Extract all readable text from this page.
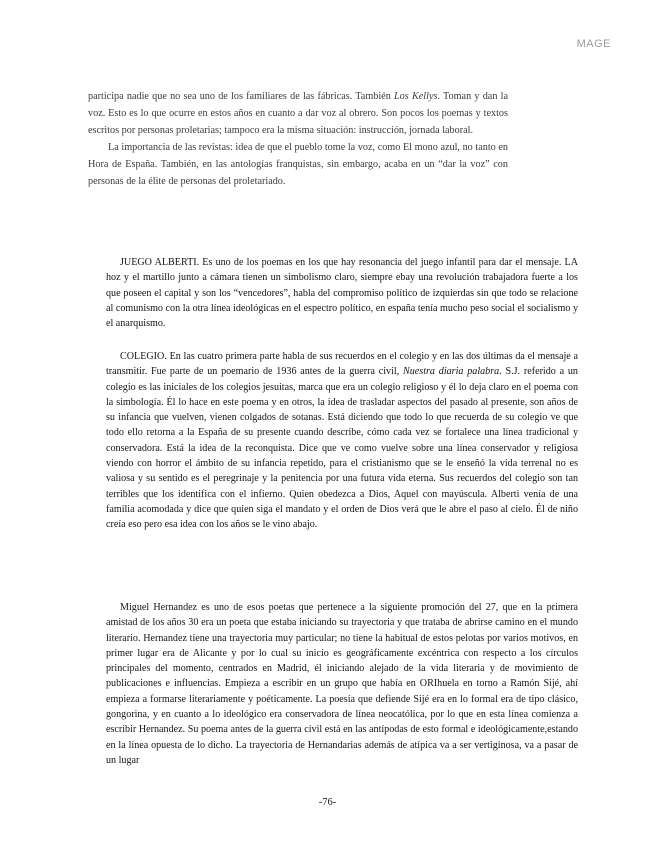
MAGE

participa nadie que no sea uno de los familiares de las fábricas. También Los Kellys. Toman y dan la voz. Esto es lo que ocurre en estos años en cuanto a dar voz al obrero. Son pocos los poemas y textos escritos por personas proletarias; tampoco era la misma situación: instrucción, jornada laboral.

La importancia de las revistas: idea de que el pueblo tome la voz, como El mono azul, no tanto en Hora de España. También, en las antologías franquistas, sin embargo, acaba en un “dar la voz” con personas de la élite de personas del proletariado.

JUEGO ALBERTI. Es uno de los poemas en los que hay resonancia del juego infantil para dar el mensaje. LA hoz y el martillo junto a cámara tienen un simbolismo claro, siempre ebay una revolución trabajadora fuerte a los que poseen el capital y son los “vencedores”, habla del compromiso político de izquierdas sin que todo se relacione al comunismo con la otra línea ideológicas en el espectro político, en españa tenía mucho peso social el socialismo y el anarquismo.

COLEGIO. En las cuatro primera parte habla de sus recuerdos en el colegio y en las dos últimas da el mensaje a transmitir. Fue parte de un poemario de 1936 antes de la guerra civil, Nuestra diaria palabra. S.J. referido a un colegio es las iniciales de los colegios jesuitas, marca que era un colegio religioso y él lo deja claro en el poema con la simbología. Él lo hace en este poema y en otros, la idea de trasladar aspectos del pasado al presente, son años de su infancia que vuelven, vienen colgados de sotanas. Está diciendo que todo lo que recuerda de su colegio ve que todo ello retorna a la España de su presente cuando describe, cómo cada vez se fortalece una línea tradicional y conservadora. Está la idea de la reconquista. Dice que ve como vuelve sobre una línea conservador y religiosa viendo con horror el ámbito de su infancia repetido, para el cristianismo que se le enseñó la vida terrenal no es valiosa y su sentido es el peregrinaje y la penitencia por una futura vida eterna. Sus recuerdos del colegio son tan terribles que los identifica con el infierno. Quien obedezca a Dios, Aquel con mayúscula. Alberti venía de una familia acomodada y dice que quien siga el mandato y el orden de Dios verá que le abre el paso al cielo. Él de niño creía eso pero esa idea con los años se le vino abajo.

Miguel Hernandez es uno de esos poetas que pertenece a la siguiente promoción del 27, que en la primera amistad de los años 30 era un poeta que estaba iniciando su trayectoria y que trataba de abrirse camino en el mundo literario. Hernandez tiene una trayectoria muy particular; no tiene la habitual de estos pelotas por varios motivos, en primer lugar era de Alicante y por lo cual su inicio es geográficamente excéntrica con respecto a los círculos principales del momento, centrados en Madrid, él iniciando alejado de la vida literaria y de movimiento de publicaciones e influencias. Empieza a escribir en un grupo que había en ORIhuela en torno a Ramón Sijé, ahí empieza a formarse literariamente y poéticamente. La poesía que defiende Sijé era en lo formal era de tipo clásico, gongorina, y en cuanto a lo ideológico era conservadora de línea neocatólica, por lo que en esta línea comienza a escribir Hernandez. Su poema antes de la guerra civil está en las antípodas de esto formal e ideológicamente,estando en la línea opuesta de lo dicho. La trayectoria de Hernandarias además de atípica va a ser vertiginosa, va a pasar de un lugar

-76-
